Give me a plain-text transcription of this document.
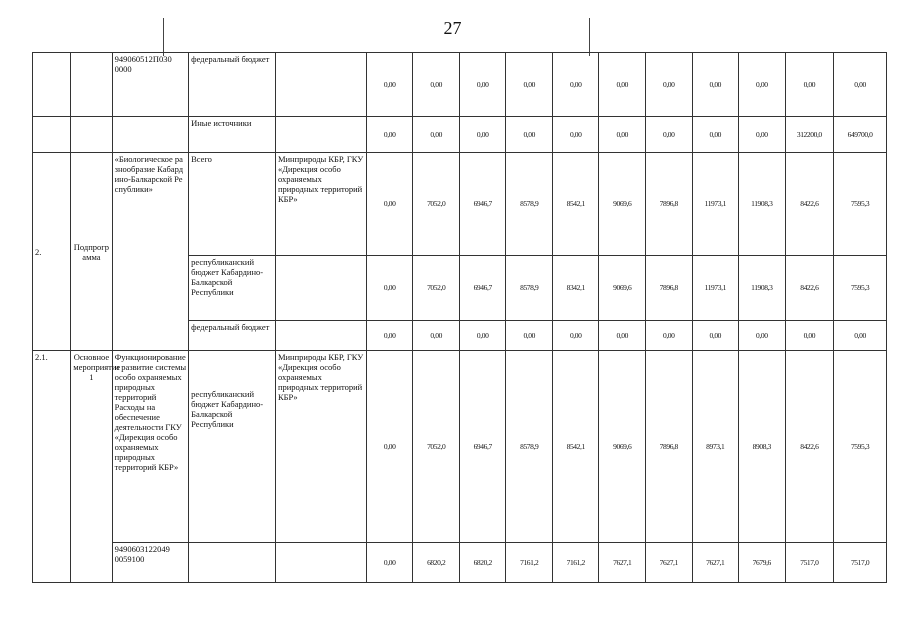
27
		949060512П030 0000	федеральный бюджет		0,00	0,00	0,00	0,00	0,00	0,00	0,00	0,00	0,00	0,00	0,00
			Иные источники		0,00	0,00	0,00	0,00	0,00	0,00	0,00	0,00	0,00	312200,0	649700,0
2.	Подпрограмма	«Биологическое разнообразие Кабардино-Балкарской Республики»	Всего	Минприроды КБР, ГКУ «Дирекция особо охраняемых природных территорий КБР»	0,00	7052,0	6946,7	8578,9	8542,1	9069,6	7896,8	11973,1	11908,3	8422,6	7595,3
			республиканский бюджет Кабардино-Балкарской Республики		0,00	7052,0	6946,7	8578,9	8342,1	9069,6	7896,8	11973,1	11908,3	8422,6	7595,3
			федеральный бюджет		0,00	0,00	0,00	0,00	0,00	0,00	0,00	0,00	0,00	0,00	0,00
2.1.	Основное мероприятие 1	Функционирование и развитие системы особо охраняемых природных территорий Расходы на обеспечение деятельности ГКУ «Дирекция особо охраняемых природных территорий КБР»	республиканский бюджет Кабардино-Балкарской Республики	Минприроды КБР, ГКУ «Дирекция особо охраняемых природных территорий КБР»	0,00	7052,0	6946,7	8578,9	8542,1	9069,6	7896,8	8973,1	8908,3	8422,6	7595,3
		9490603122049 0059100			0,00	6820,2	6820,2	7161,2	7161,2	7627,1	7627,1	7627,1	7679,6	7517,0	7517,0
